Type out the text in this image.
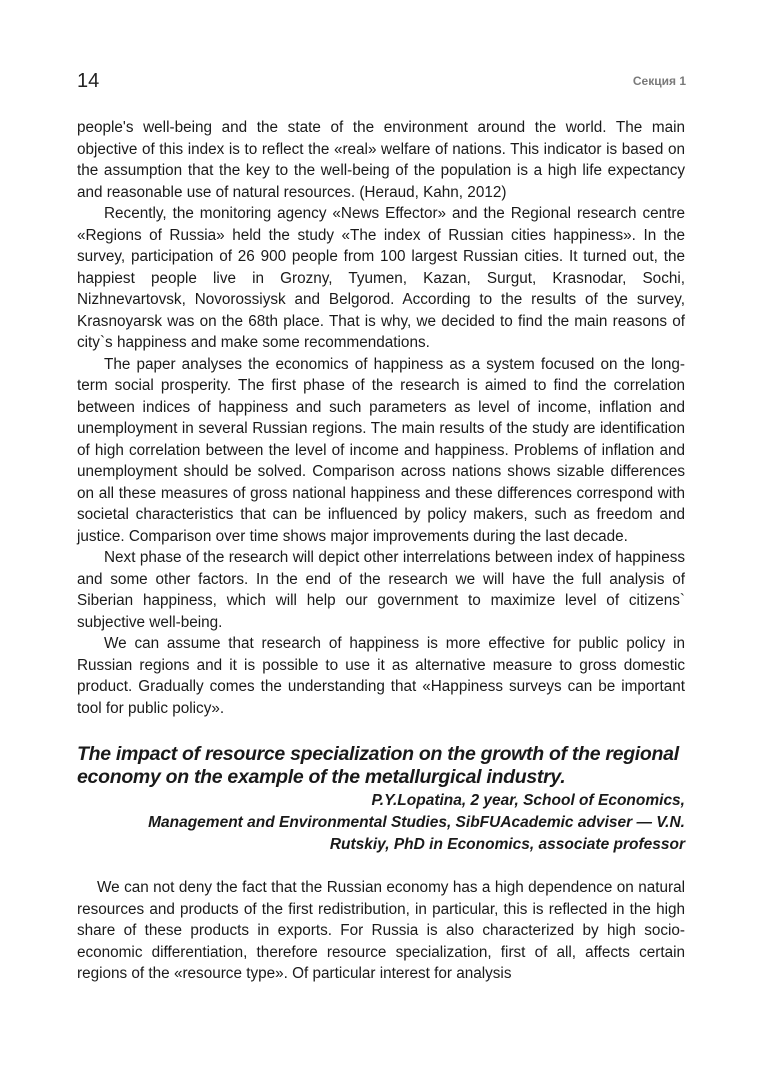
14	Секция 1

people's well-being and the state of the environment around the world. The main objective of this index is to reflect the «real» welfare of nations. This indicator is based on the assumption that the key to the well-being of the population is a high life expectancy and reasonable use of natural resources. (Heraud, Kahn, 2012)

Recently, the monitoring agency «News Effector» and the Regional research centre «Regions of Russia» held the study «The index of Russian cities happiness». In the survey, participation of 26 900 people from 100 largest Russian cities. It turned out, the happiest people live in Grozny, Tyumen, Kazan, Surgut, Krasnodar, Sochi, Nizhnevartovsk, Novorossiysk and Belgorod. According to the results of the survey, Krasnoyarsk was on the 68th place. That is why, we decided to find the main reasons of city`s happiness and make some recommendations.

The paper analyses the economics of happiness as a system focused on the long-term social prosperity. The first phase of the research is aimed to find the correlation between indices of happiness and such parameters as level of income, inflation and unemployment in several Russian regions. The main results of the study are identification of high correlation between the level of income and happiness. Problems of inflation and unemployment should be solved. Comparison across nations shows sizable differences on all these measures of gross national happiness and these differences correspond with societal characteristics that can be influenced by policy makers, such as freedom and justice. Comparison over time shows major improvements during the last decade.

Next phase of the research will depict other interrelations between index of happiness and some other factors. In the end of the research we will have the full analysis of Siberian happiness, which will help our government to maximize level of citizens` subjective well-being.

We can assume that research of happiness is more effective for public policy in Russian regions and it is possible to use it as alternative measure to gross domestic product. Gradually comes the understanding that «Happiness surveys can be important tool for public policy».

The impact of resource specialization on the growth of the regional economy on the example of the metallurgical industry.
P.Y.Lopatina, 2 year, School of Economics,
Management and Environmental Studies, SibFUAcademic adviser — V.N.
Rutskiy, PhD in Economics, associate professor

We can not deny the fact that the Russian economy has a high dependence on natural resources and products of the first redistribution, in particular, this is reflected in the high share of these products in exports. For Russia is also characterized by high socio-economic differentiation, therefore resource specialization, first of all, affects certain regions of the «resource type». Of particular interest for analysis
